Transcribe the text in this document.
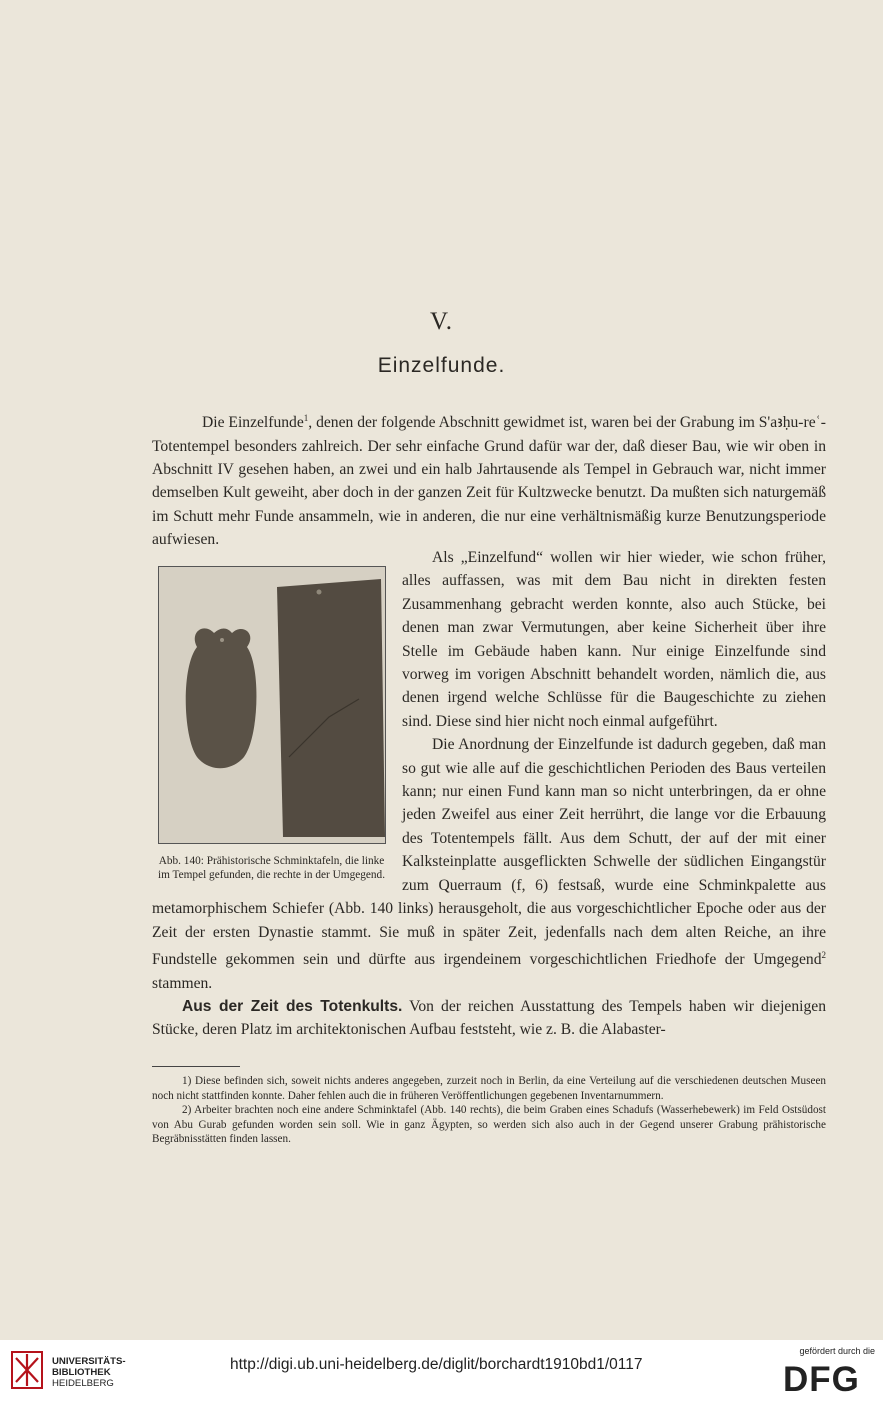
V.
Einzelfunde.

Die Einzelfunde$^1$, denen der folgende Abschnitt gewidmet ist, waren bei der Grabung im S'aꜣḥu-reʿ-Totentempel besonders zahlreich. Der sehr einfache Grund dafür war der, daß dieser Bau, wie wir oben in Abschnitt IV gesehen haben, an zwei und ein halb Jahrtausende als Tempel in Gebrauch war, nicht immer demselben Kult geweiht, aber doch in der ganzen Zeit für Kultzwecke benutzt. Da mußten sich naturgemäß im Schutt mehr Funde ansammeln, wie in anderen, die nur eine verhältnismäßig kurze Benutzungsperiode aufwiesen.

Abb. 140: Prähistorische Schminktafeln, die linke im Tempel gefunden, die rechte in der Umgegend.

Als „Einzelfund“ wollen wir hier wieder, wie schon früher, alles auffassen, was mit dem Bau nicht in direkten festen Zusammenhang gebracht werden konnte, also auch Stücke, bei denen man zwar Vermutungen, aber keine Sicherheit über ihre Stelle im Gebäude haben kann. Nur einige Einzelfunde sind vorweg im vorigen Abschnitt behandelt worden, nämlich die, aus denen irgend welche Schlüsse für die Baugeschichte zu ziehen sind. Diese sind hier nicht noch einmal aufgeführt.

Die Anordnung der Einzelfunde ist dadurch gegeben, daß man so gut wie alle auf die geschichtlichen Perioden des Baus verteilen kann; nur einen Fund kann man so nicht unterbringen, da er ohne jeden Zweifel aus einer Zeit herrührt, die lange vor die Erbauung des Totentempels fällt. Aus dem Schutt, der auf der mit einer Kalksteinplatte ausgeflickten Schwelle der südlichen Eingangstür zum Querraum (f, 6) festsaß, wurde eine Schminkpalette aus metamorphischem Schiefer (Abb. 140 links) herausgeholt, die aus vorgeschichtlicher Epoche oder aus der Zeit der ersten Dynastie stammt. Sie muß in später Zeit, jedenfalls nach dem alten Reiche, an ihre Fundstelle gekommen sein und dürfte aus irgendeinem vorgeschichtlichen Friedhofe der Umgegend$^2$ stammen.

Aus der Zeit des Totenkults. Von der reichen Ausstattung des Tempels haben wir diejenigen Stücke, deren Platz im architektonischen Aufbau feststeht, wie z. B. die Alabaster-

1) Diese befinden sich, soweit nichts anderes angegeben, zurzeit noch in Berlin, da eine Verteilung auf die verschiedenen deutschen Museen noch nicht stattfinden konnte. Daher fehlen auch die in früheren Veröffentlichungen gegebenen Inventarnummern.

2) Arbeiter brachten noch eine andere Schminktafel (Abb. 140 rechts), die beim Graben eines Schadufs (Wasserhebewerk) im Feld Ostsüdost von Abu Gurab gefunden worden sein soll. Wie in ganz Ägypten, so werden sich also auch in der Gegend unserer Grabung prähistorische Begräbnisstätten finden lassen.

UNIVERSITÄTS-
BIBLIOTHEK
HEIDELBERG
http://digi.ub.uni-heidelberg.de/diglit/borchardt1910bd1/0117
gefördert durch die
DFG
